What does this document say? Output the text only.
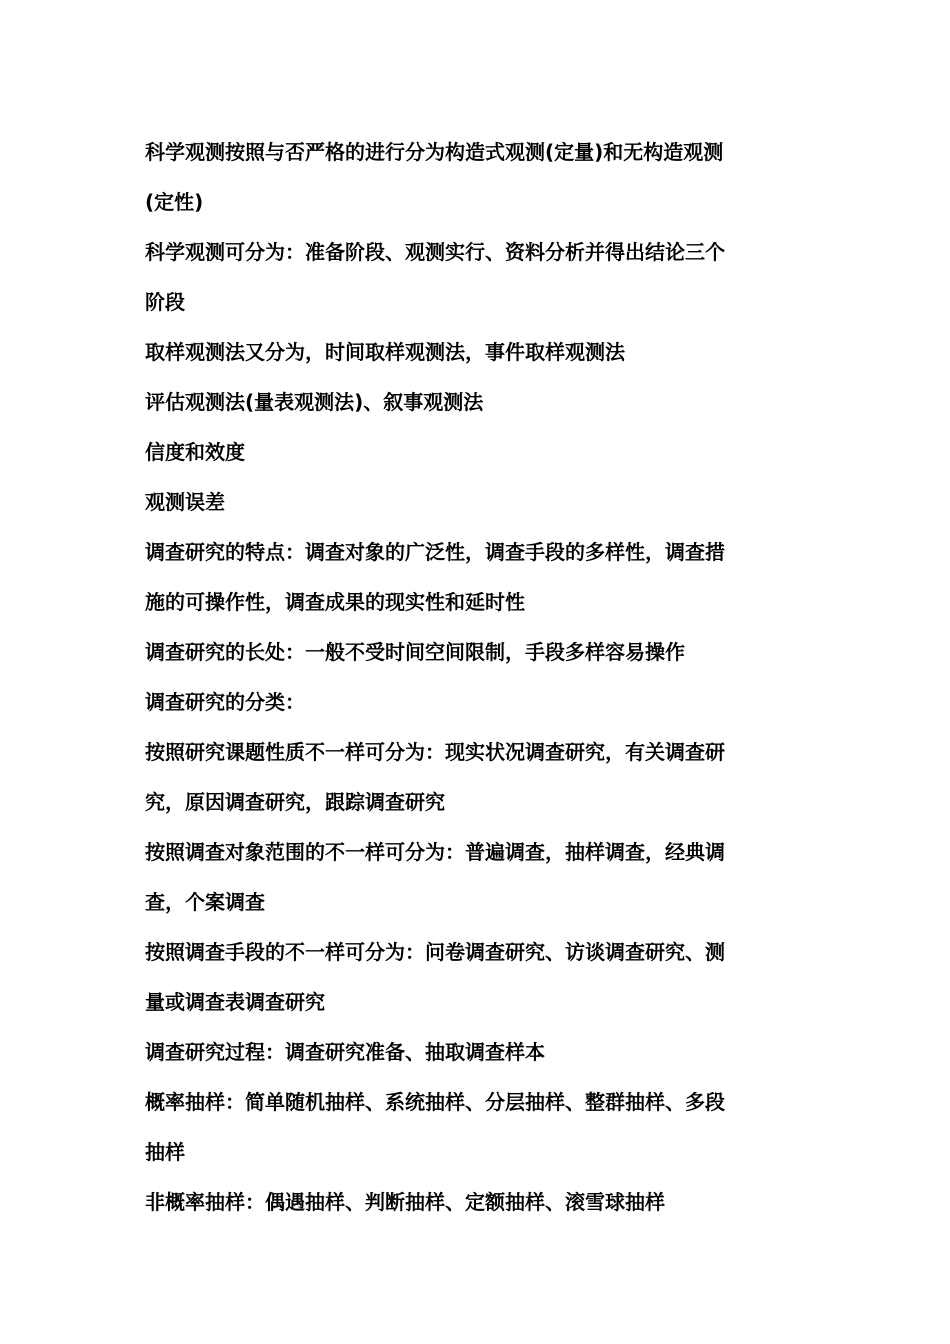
科学观测按照与否严格的进行分为构造式观测(定量)和无构造观测
(定性)
科学观测可分为：准备阶段、观测实行、资料分析并得出结论三个
阶段
取样观测法又分为，时间取样观测法，事件取样观测法
评估观测法(量表观测法)、叙事观测法
信度和效度
观测误差
调查研究的特点：调查对象的广泛性，调查手段的多样性，调查措
施的可操作性，调查成果的现实性和延时性
调查研究的长处：一般不受时间空间限制，手段多样容易操作
调查研究的分类：
按照研究课题性质不一样可分为：现实状况调查研究，有关调查研
究，原因调查研究，跟踪调查研究
按照调查对象范围的不一样可分为：普遍调查，抽样调查，经典调
查，个案调查
按照调查手段的不一样可分为：问卷调查研究、访谈调查研究、测
量或调查表调查研究
调查研究过程：调查研究准备、抽取调查样本
概率抽样：简单随机抽样、系统抽样、分层抽样、整群抽样、多段
抽样
非概率抽样：偶遇抽样、判断抽样、定额抽样、滚雪球抽样
